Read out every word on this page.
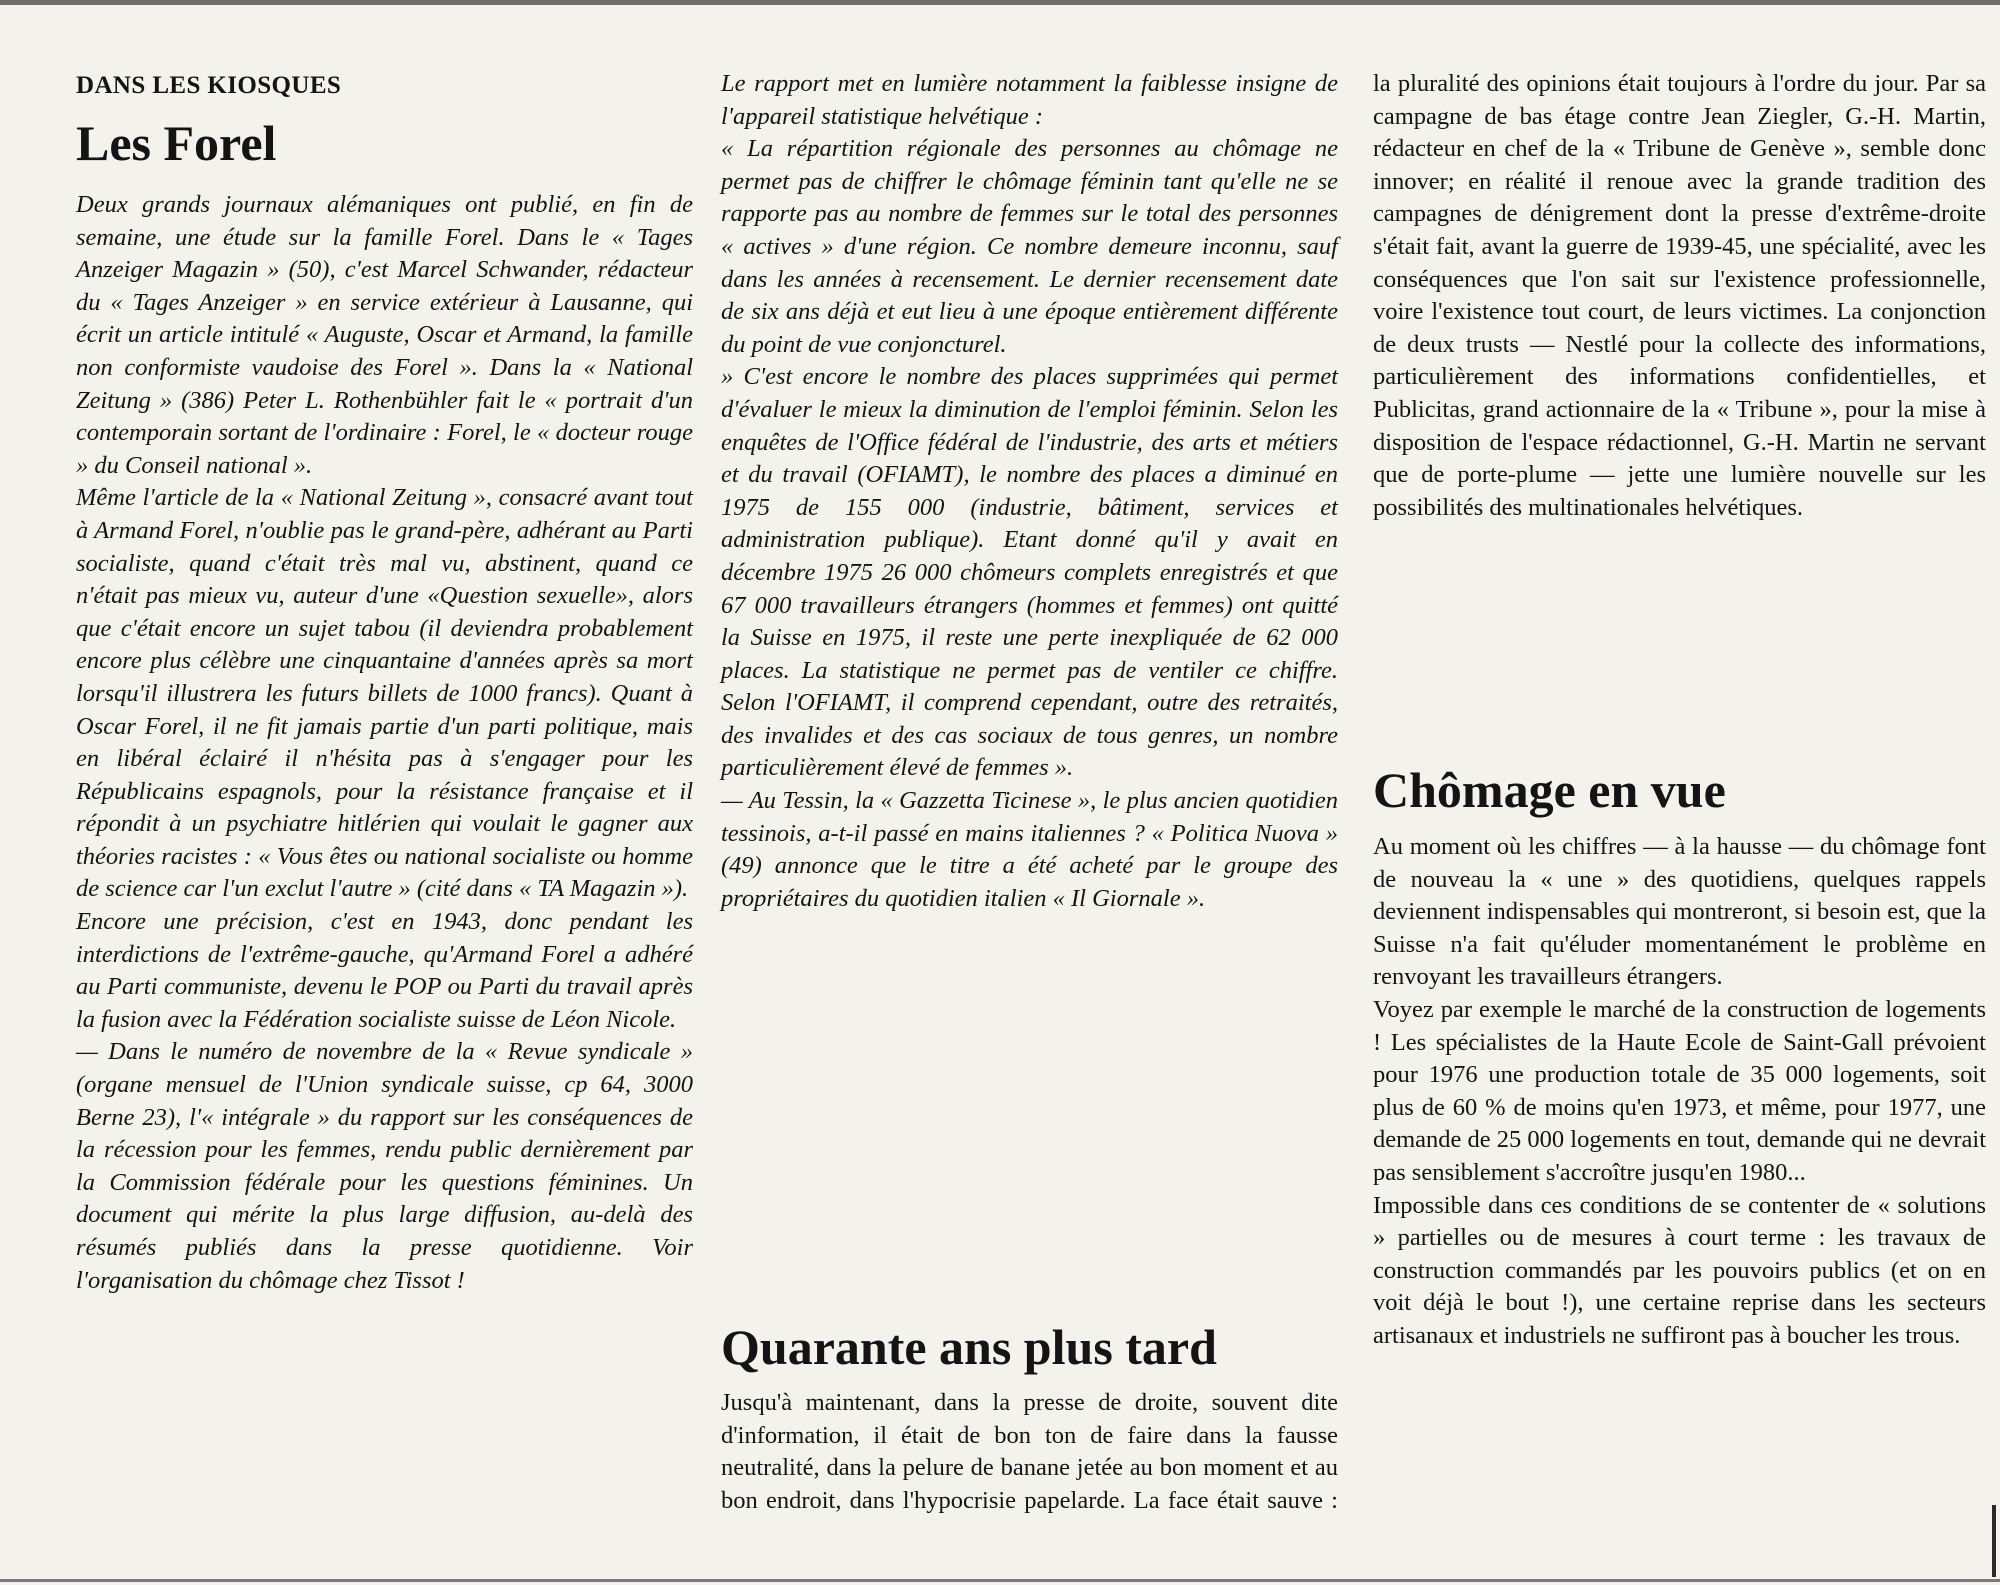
DANS LES KIOSQUES
Les Forel

Deux grands journaux alémaniques ont publié, en fin de semaine, une étude sur la famille Forel. Dans le « Tages Anzeiger Magazin » (50), c'est Marcel Schwander, rédacteur du « Tages Anzeiger » en service extérieur à Lausanne, qui écrit un article intitulé « Auguste, Oscar et Armand, la famille non conformiste vaudoise des Forel ». Dans la « National Zeitung » (386) Peter L. Rothenbühler fait le « portrait d'un contemporain sortant de l'ordinaire : Forel, le « docteur rouge » du Conseil national ».

Même l'article de la « National Zeitung », consacré avant tout à Armand Forel, n'oublie pas le grand-père, adhérant au Parti socialiste, quand c'était très mal vu, abstinent, quand ce n'était pas mieux vu, auteur d'une «Question sexuelle», alors que c'était encore un sujet tabou (il deviendra probablement encore plus célèbre une cinquantaine d'années après sa mort lorsqu'il illustrera les futurs billets de 1000 francs). Quant à Oscar Forel, il ne fit jamais partie d'un parti politique, mais en libéral éclairé il n'hésita pas à s'engager pour les Républicains espagnols, pour la résistance française et il répondit à un psychiatre hitlérien qui voulait le gagner aux théories racistes : « Vous êtes ou national socialiste ou homme de science car l'un exclut l'autre » (cité dans « TA Magazin »).

Encore une précision, c'est en 1943, donc pendant les interdictions de l'extrême-gauche, qu'Armand Forel a adhéré au Parti communiste, devenu le POP ou Parti du travail après la fusion avec la Fédération socialiste suisse de Léon Nicole.

— Dans le numéro de novembre de la « Revue syndicale » (organe mensuel de l'Union syndicale suisse, cp 64, 3000 Berne 23), l'« intégrale » du rapport sur les conséquences de la récession pour les femmes, rendu public dernièrement par la Commission fédérale pour les questions féminines. Un document qui mérite la plus large diffusion, au-delà des résumés publiés dans la presse quotidienne. Voir l'organisation du chômage chez Tissot !

Le rapport met en lumière notamment la faiblesse insigne de l'appareil statistique helvétique :

« La répartition régionale des personnes au chômage ne permet pas de chiffrer le chômage féminin tant qu'elle ne se rapporte pas au nombre de femmes sur le total des personnes « actives » d'une région. Ce nombre demeure inconnu, sauf dans les années à recensement. Le dernier recensement date de six ans déjà et eut lieu à une époque entièrement différente du point de vue conjoncturel.

» C'est encore le nombre des places supprimées qui permet d'évaluer le mieux la diminution de l'emploi féminin. Selon les enquêtes de l'Office fédéral de l'industrie, des arts et métiers et du travail (OFIAMT), le nombre des places a diminué en 1975 de 155 000 (industrie, bâtiment, services et administration publique). Etant donné qu'il y avait en décembre 1975 26 000 chômeurs complets enregistrés et que 67 000 travailleurs étrangers (hommes et femmes) ont quitté la Suisse en 1975, il reste une perte inexpliquée de 62 000 places. La statistique ne permet pas de ventiler ce chiffre. Selon l'OFIAMT, il comprend cependant, outre des retraités, des invalides et des cas sociaux de tous genres, un nombre particulièrement élevé de femmes ».

— Au Tessin, la « Gazzetta Ticinese », le plus ancien quotidien tessinois, a-t-il passé en mains italiennes ? « Politica Nuova » (49) annonce que le titre a été acheté par le groupe des propriétaires du quotidien italien « Il Giornale ».

Quarante ans plus tard

Jusqu'à maintenant, dans la presse de droite, souvent dite d'information, il était de bon ton de faire dans la fausse neutralité, dans la pelure de banane jetée au bon moment et au bon endroit, dans l'hypocrisie papelarde. La face était sauve :

la pluralité des opinions était toujours à l'ordre du jour. Par sa campagne de bas étage contre Jean Ziegler, G.-H. Martin, rédacteur en chef de la « Tribune de Genève », semble donc innover; en réalité il renoue avec la grande tradition des campagnes de dénigrement dont la presse d'extrême-droite s'était fait, avant la guerre de 1939-45, une spécialité, avec les conséquences que l'on sait sur l'existence professionnelle, voire l'existence tout court, de leurs victimes. La conjonction de deux trusts — Nestlé pour la collecte des informations, particulièrement des informations confidentielles, et Publicitas, grand actionnaire de la « Tribune », pour la mise à disposition de l'espace rédactionnel, G.-H. Martin ne servant que de porte-plume — jette une lumière nouvelle sur les possibilités des multinationales helvétiques.

Chômage en vue

Au moment où les chiffres — à la hausse — du chômage font de nouveau la « une » des quotidiens, quelques rappels deviennent indispensables qui montreront, si besoin est, que la Suisse n'a fait qu'éluder momentanément le problème en renvoyant les travailleurs étrangers.

Voyez par exemple le marché de la construction de logements ! Les spécialistes de la Haute Ecole de Saint-Gall prévoient pour 1976 une production totale de 35 000 logements, soit plus de 60 % de moins qu'en 1973, et même, pour 1977, une demande de 25 000 logements en tout, demande qui ne devrait pas sensiblement s'accroître jusqu'en 1980...

Impossible dans ces conditions de se contenter de « solutions » partielles ou de mesures à court terme : les travaux de construction commandés par les pouvoirs publics (et on en voit déjà le bout !), une certaine reprise dans les secteurs artisanaux et industriels ne suffiront pas à boucher les trous.
